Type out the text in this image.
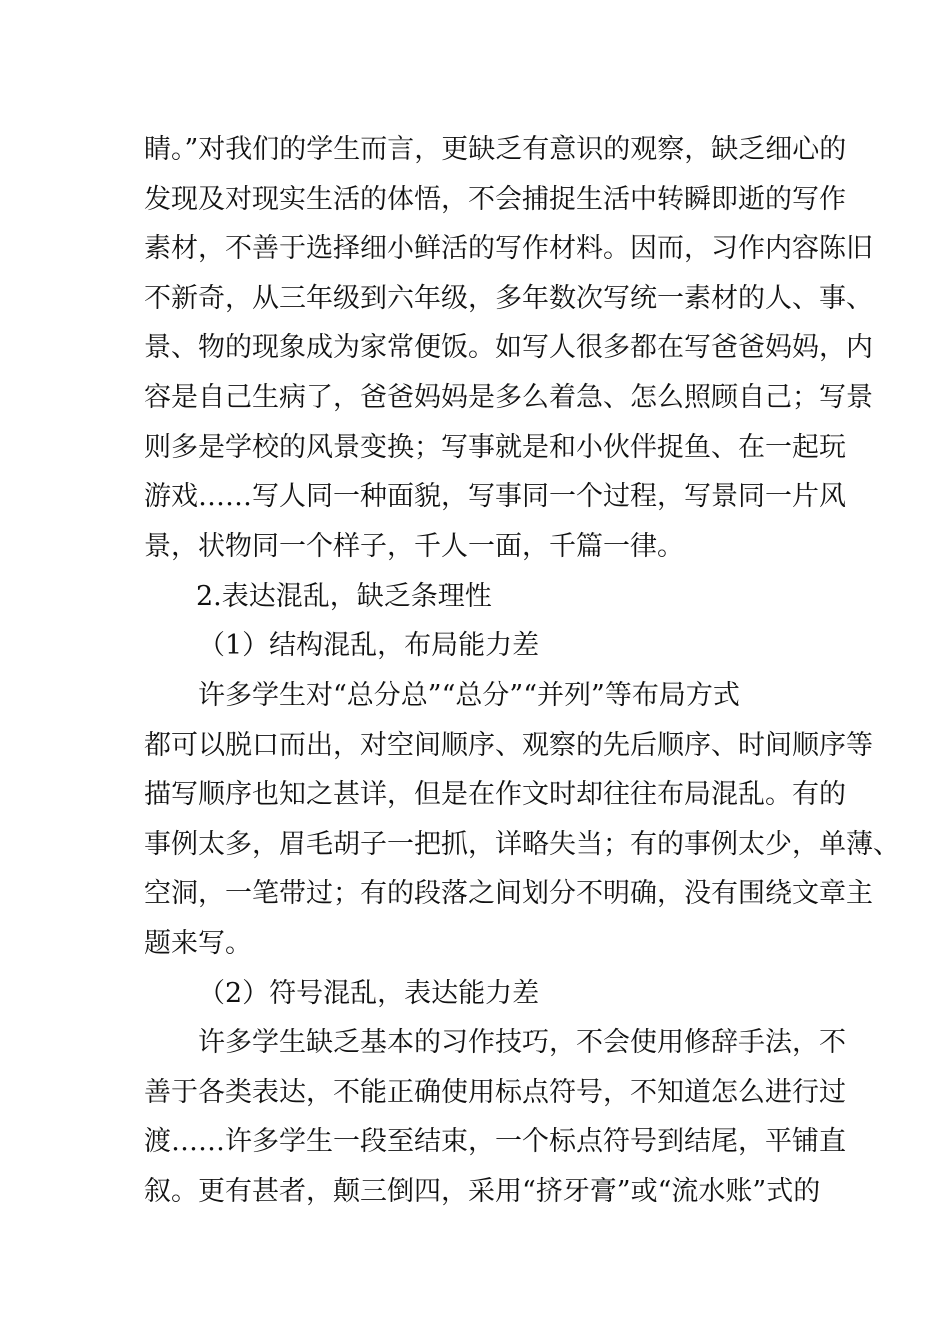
睛。”对我们的学生而言，更缺乏有意识的观察，缺乏细心的
发现及对现实生活的体悟，不会捕捉生活中转瞬即逝的写作
素材，不善于选择细小鲜活的写作材料。因而，习作内容陈旧
不新奇，从三年级到六年级，多年数次写统一素材的人、事、
景、物的现象成为家常便饭。如写人很多都在写爸爸妈妈，内
容是自己生病了，爸爸妈妈是多么着急、怎么照顾自己；写景
则多是学校的风景变换；写事就是和小伙伴捉鱼、在一起玩
游戏……写人同一种面貌，写事同一个过程，写景同一片风
景，状物同一个样子，千人一面，千篇一律。
2.表达混乱，缺乏条理性
（1）结构混乱，布局能力差
许多学生对“总分总”“总分”“并列”等布局方式
都可以脱口而出，对空间顺序、观察的先后顺序、时间顺序等
描写顺序也知之甚详，但是在作文时却往往布局混乱。有的
事例太多，眉毛胡子一把抓，详略失当；有的事例太少，单薄、
空洞，一笔带过；有的段落之间划分不明确，没有围绕文章主
题来写。
（2）符号混乱，表达能力差
许多学生缺乏基本的习作技巧，不会使用修辞手法，不
善于各类表达，不能正确使用标点符号，不知道怎么进行过
渡……许多学生一段至结束，一个标点符号到结尾，平铺直
叙。更有甚者，颠三倒四，采用“挤牙膏”或“流水账”式的
